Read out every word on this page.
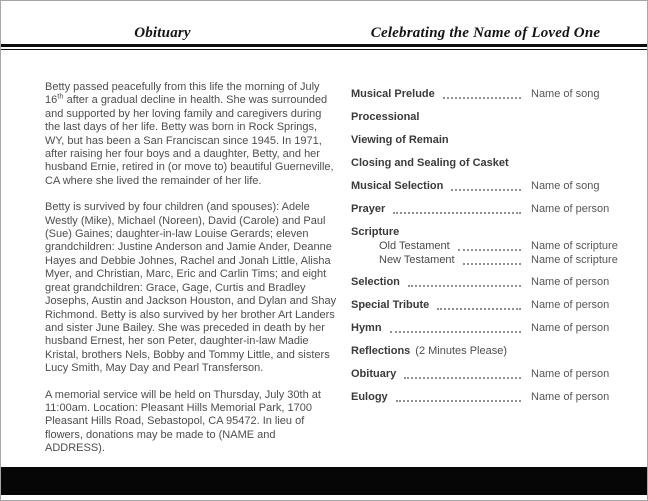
Obituary	Celebrating the Name of Loved One

Betty passed peacefully from this life the morning of July 16th after a gradual decline in health. She was surrounded and supported by her loving family and caregivers during the last days of her life. Betty was born in Rock Springs, WY, but has been a San Franciscan since 1945. In 1971, after raising her four boys and a daughter, Betty, and her husband Ernie, retired in (or move to) beautiful Guerneville, CA where she lived the remainder of her life.

Betty is survived by four children (and spouses): Adele Westly (Mike), Michael (Noreen), David (Carole) and Paul (Sue) Gaines; daughter-in-law Louise Gerards; eleven grandchildren: Justine Anderson and Jamie Ander, Deanne Hayes and Debbie Johnes, Rachel and Jonah Little, Alisha Myer, and Christian, Marc, Eric and Carlin Tims; and eight great grandchildren: Grace, Gage, Curtis and Bradley Josephs, Austin and Jackson Houston, and Dylan and Shay Richmond. Betty is also survived by her brother Art Landers and sister June Bailey. She was preceded in death by her husband Ernest, her son Peter, daughter-in-law Madie Kristal, brothers Nels, Bobby and Tommy Little, and sisters Lucy Smith, May Day and Pearl Transferson.

A memorial service will be held on Thursday, July 30th at 11:00am. Location: Pleasant Hills Memorial Park, 1700 Pleasant Hills Road, Sebastopol, CA 95472. In lieu of flowers, donations may be made to (NAME and ADDRESS).

Musical Prelude	Name of song
Processional
Viewing of Remain
Closing and Sealing of Casket
Musical Selection	Name of song
Prayer	Name of person
Scripture
Old Testament	Name of scripture
New Testament	Name of scripture
Selection	Name of person
Special Tribute	Name of person
Hymn	Name of person
Reflections (2 Minutes Please)
Obituary	Name of person
Eulogy	Name of person
